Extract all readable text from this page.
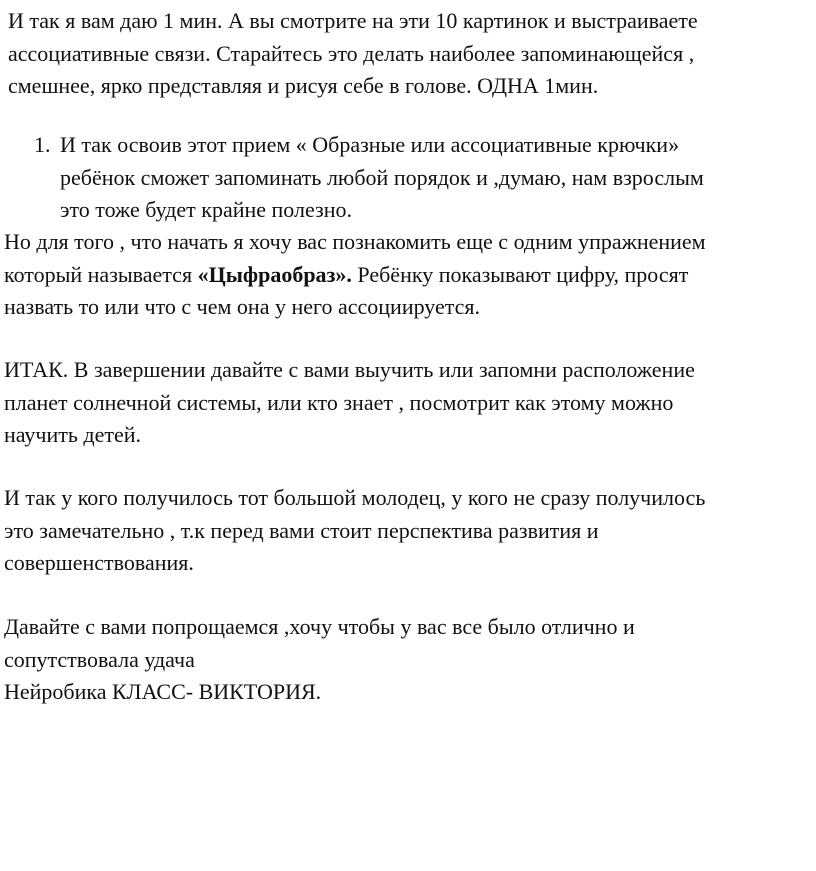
И так я вам даю 1 мин. А вы смотрите на эти 10 картинок и выстраиваете
ассоциативные связи. Старайтесь это делать наиболее запоминающейся ,
смешнее, ярко представляя и рисуя себе в голове. ОДНА 1мин.
1. И так освоив этот прием « Образные или ассоциативные крючки»
ребёнок сможет запоминать любой порядок и ,думаю, нам взрослым
это тоже будет крайне полезно.
Но для того , что начать я хочу вас познакомить еще с одним упражнением
который называется «Цыфраобраз». Ребёнку показывают цифру, просят
назвать то или что с чем она у него ассоциируется.
ИТАК. В завершении давайте с вами выучить или запомни расположение
планет солнечной системы, или кто знает , посмотрит как этому можно
научить детей.
И так у кого получилось тот большой молодец, у кого не сразу получилось
это замечательно , т.к перед вами стоит перспектива развития и
совершенствования.
Давайте с вами попрощаемся ,хочу чтобы у вас все было отлично и
сопутствовала удача
Нейробика КЛАСС- ВИКТОРИЯ.
